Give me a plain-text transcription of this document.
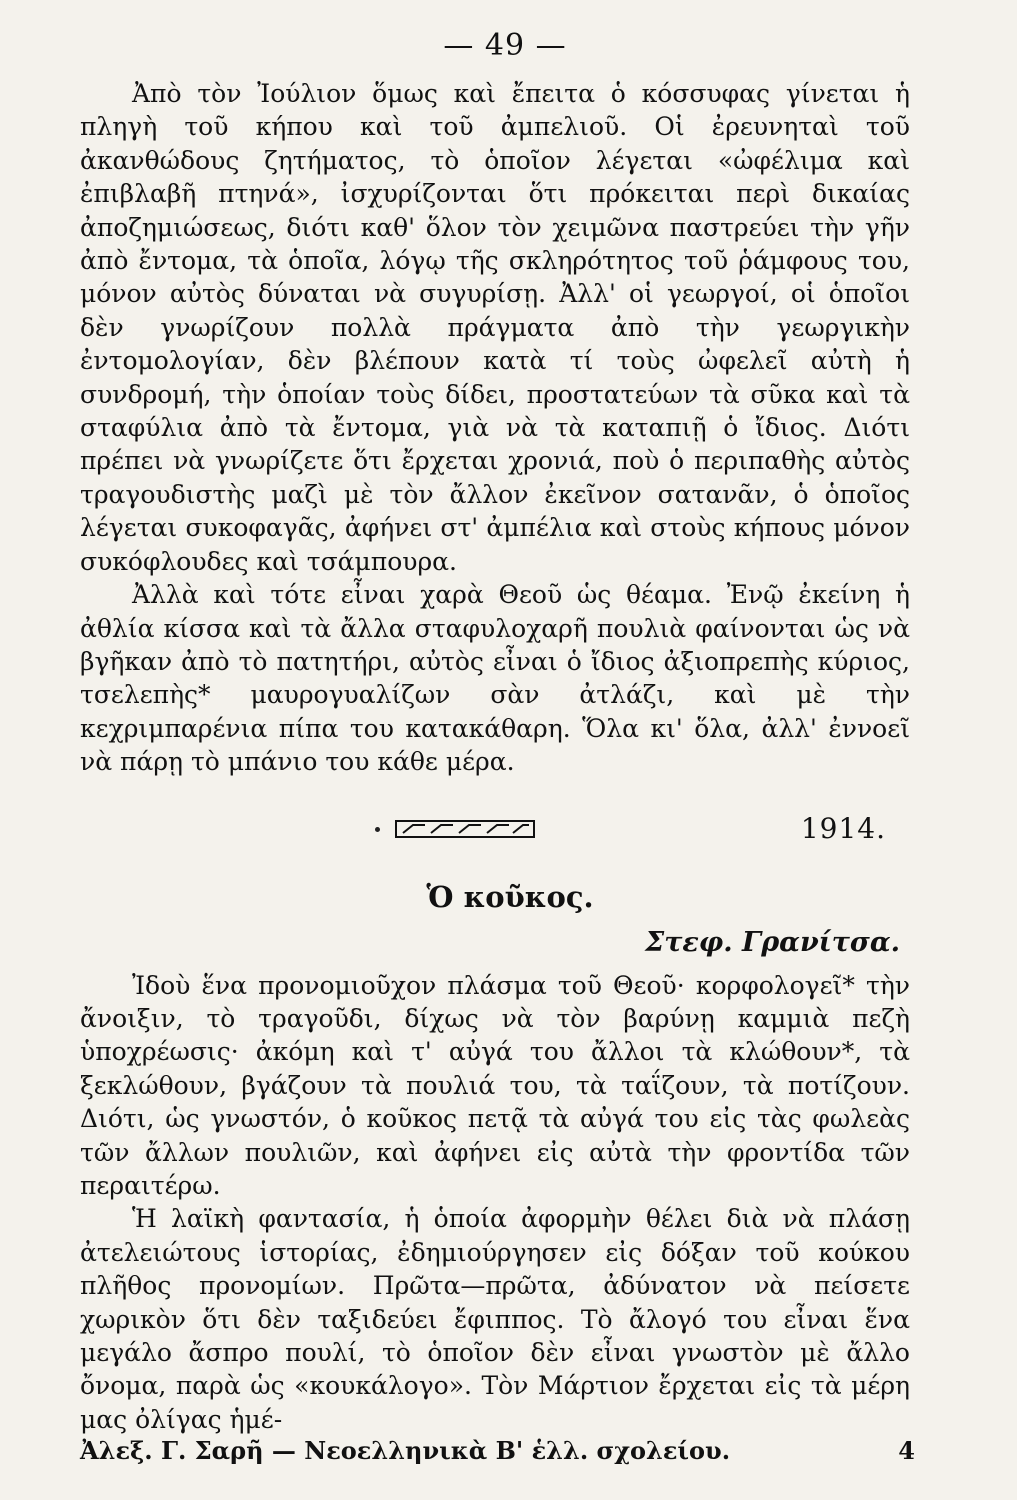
— 49 —

Ἀπὸ τὸν Ἰούλιον ὅμως καὶ ἔπειτα ὁ κόσσυφας γίνεται ἡ πληγὴ τοῦ κήπου καὶ τοῦ ἀμπελιοῦ. Οἱ ἐρευνηταὶ τοῦ ἀκανθώδους ζητήματος, τὸ ὁποῖον λέγεται «ὠφέλιμα καὶ ἐπιβλαβῆ πτηνά», ἰσχυρίζονται ὅτι πρόκειται περὶ δικαίας ἀποζημιώσεως, διότι καθ' ὅλον τὸν χειμῶνα παστρεύει τὴν γῆν ἀπὸ ἔντομα, τὰ ὁποῖα, λόγῳ τῆς σκληρότητος τοῦ ῥάμφους του, μόνον αὐτὸς δύναται νὰ συγυρίσῃ. Ἀλλ' οἱ γεωργοί, οἱ ὁποῖοι δὲν γνωρίζουν πολλὰ πράγματα ἀπὸ τὴν γεωργικὴν ἐντομολογίαν, δὲν βλέπουν κατὰ τί τοὺς ὠφελεῖ αὐτὴ ἡ συνδρομή, τὴν ὁποίαν τοὺς δίδει, προστατεύων τὰ σῦκα καὶ τὰ σταφύλια ἀπὸ τὰ ἔντομα, γιὰ νὰ τὰ καταπιῇ ὁ ἴδιος. Διότι πρέπει νὰ γνωρίζετε ὅτι ἔρχεται χρονιά, ποὺ ὁ περιπαθὴς αὐτὸς τραγουδιστὴς μαζὶ μὲ τὸν ἄλλον ἐκεῖνον σατανᾶν, ὁ ὁποῖος λέγεται συκοφαγᾶς, ἀφήνει στ' ἀμπέλια καὶ στοὺς κήπους μόνον συκόφλουδες καὶ τσάμπουρα.

Ἀλλὰ καὶ τότε εἶναι χαρὰ Θεοῦ ὡς θέαμα. Ἐνῷ ἐκείνη ἡ ἀθλία κίσσα καὶ τὰ ἄλλα σταφυλοχαρῆ πουλιὰ φαίνονται ὡς νὰ βγῆκαν ἀπὸ τὸ πατητήρι, αὐτὸς εἶναι ὁ ἴδιος ἀξιοπρεπὴς κύριος, τσελεπὴς* μαυρογυαλίζων σὰν ἀτλάζι, καὶ μὲ τὴν κεχριμπαρένια πίπα του κατακάθαρη. Ὅλα κι' ὅλα, ἀλλ' ἐννοεῖ νὰ πάρῃ τὸ μπάνιο του κάθε μέρα.

1914.
Ὁ κοῦκος.
Στεφ. Γρανίτσα.

Ἰδοὺ ἕνα προνομιοῦχον πλάσμα τοῦ Θεοῦ· κορφολογεῖ* τὴν ἄνοιξιν, τὸ τραγοῦδι, δίχως νὰ τὸν βαρύνῃ καμμιὰ πεζὴ ὑποχρέωσις· ἀκόμη καὶ τ' αὐγά του ἄλλοι τὰ κλώθουν*, τὰ ξεκλώθουν, βγάζουν τὰ πουλιά του, τὰ ταΐζουν, τὰ ποτίζουν. Διότι, ὡς γνωστόν, ὁ κοῦκος πετᾷ τὰ αὐγά του εἰς τὰς φωλεὰς τῶν ἄλλων πουλιῶν, καὶ ἀφήνει εἰς αὐτὰ τὴν φροντίδα τῶν περαιτέρω.

Ἡ λαϊκὴ φαντασία, ἡ ὁποία ἀφορμὴν θέλει διὰ νὰ πλάσῃ ἀτελειώτους ἱστορίας, ἐδημιούργησεν εἰς δόξαν τοῦ κούκου πλῆθος προνομίων. Πρῶτα—πρῶτα, ἀδύνατον νὰ πείσετε χωρικὸν ὅτι δὲν ταξιδεύει ἔφιππος. Τὸ ἄλογό του εἶναι ἕνα μεγάλο ἄσπρο πουλί, τὸ ὁποῖον δὲν εἶναι γνωστὸν μὲ ἄλλο ὄνομα, παρὰ ὡς «κουκάλογο». Τὸν Μάρτιον ἔρχεται εἰς τὰ μέρη μας ὀλίγας ἡμέ-

Ἀλεξ. Γ. Σαρῆ — Νεοελληνικὰ Β' ἑλλ. σχολείου.	4
